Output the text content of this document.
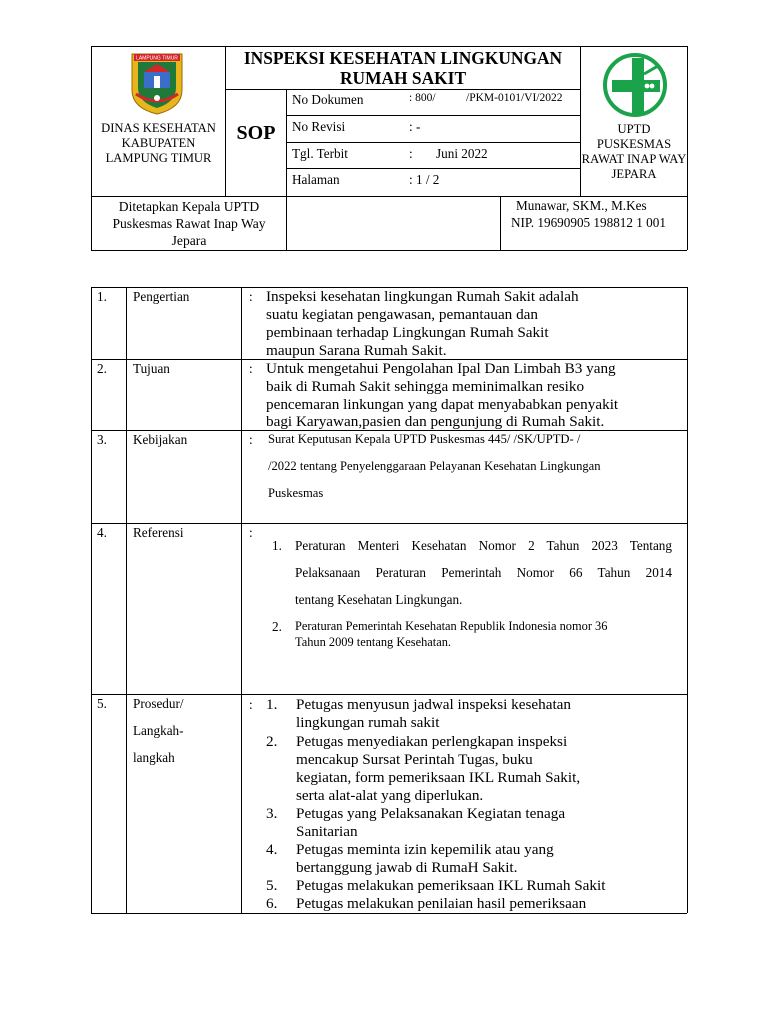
LAMPUNG TIMUR
DINAS KESEHATAN KABUPATEN LAMPUNG TIMUR
INSPEKSI KESEHATAN LINGKUNGAN
RUMAH SAKIT
SOP
No Dokumen	: 800/	/PKM-0101/VI/2022
No Revisi	: -
Tgl. Terbit	: Juni 2022
Halaman	: 1 / 2
UPTD PUSKESMAS RAWAT INAP WAY JEPARA
Ditetapkan Kepala UPTD Puskesmas Rawat Inap Way Jepara
Munawar, SKM., M.Kes
NIP. 19690905 198812 1 001
1. Pengertian	: Inspeksi kesehatan lingkungan Rumah Sakit adalah
suatu kegiatan pengawasan, pemantauan dan
pembinaan terhadap Lingkungan Rumah Sakit
maupun Sarana Rumah Sakit.
2. Tujuan	: Untuk mengetahui Pengolahan Ipal Dan Limbah B3 yang
baik di Rumah Sakit sehingga meminimalkan resiko
pencemaran linkungan yang dapat menyababkan penyakit
bagi Karyawan,pasien dan pengunjung di Rumah Sakit.
3. Kebijakan	: Surat Keputusan Kepala UPTD Puskesmas 445/ /SK/UPTD- /
/2022 tentang Penyelenggaraan Pelayanan Kesehatan Lingkungan
Puskesmas
4. Referensi	:
1. Peraturan Menteri Kesehatan Nomor 2 Tahun 2023 Tentang
Pelaksanaan Peraturan Pemerintah Nomor 66 Tahun 2014
tentang Kesehatan Lingkungan.
2. Peraturan Pemerintah Kesehatan Republik Indonesia nomor 36
Tahun 2009 tentang Kesehatan.
5. Prosedur/
Langkah-
langkah
: 1. Petugas menyusun jadwal inspeksi kesehatan
lingkungan rumah sakit
2. Petugas menyediakan perlengkapan inspeksi
mencakup Sursat Perintah Tugas, buku
kegiatan, form pemeriksaan IKL Rumah Sakit,
serta alat-alat yang diperlukan.
3. Petugas yang Pelaksanakan Kegiatan tenaga
Sanitarian
4. Petugas meminta izin kepemilik atau yang
bertanggung jawab di RumaH Sakit.
5. Petugas melakukan pemeriksaan IKL Rumah Sakit
6. Petugas melakukan penilaian hasil pemeriksaan
